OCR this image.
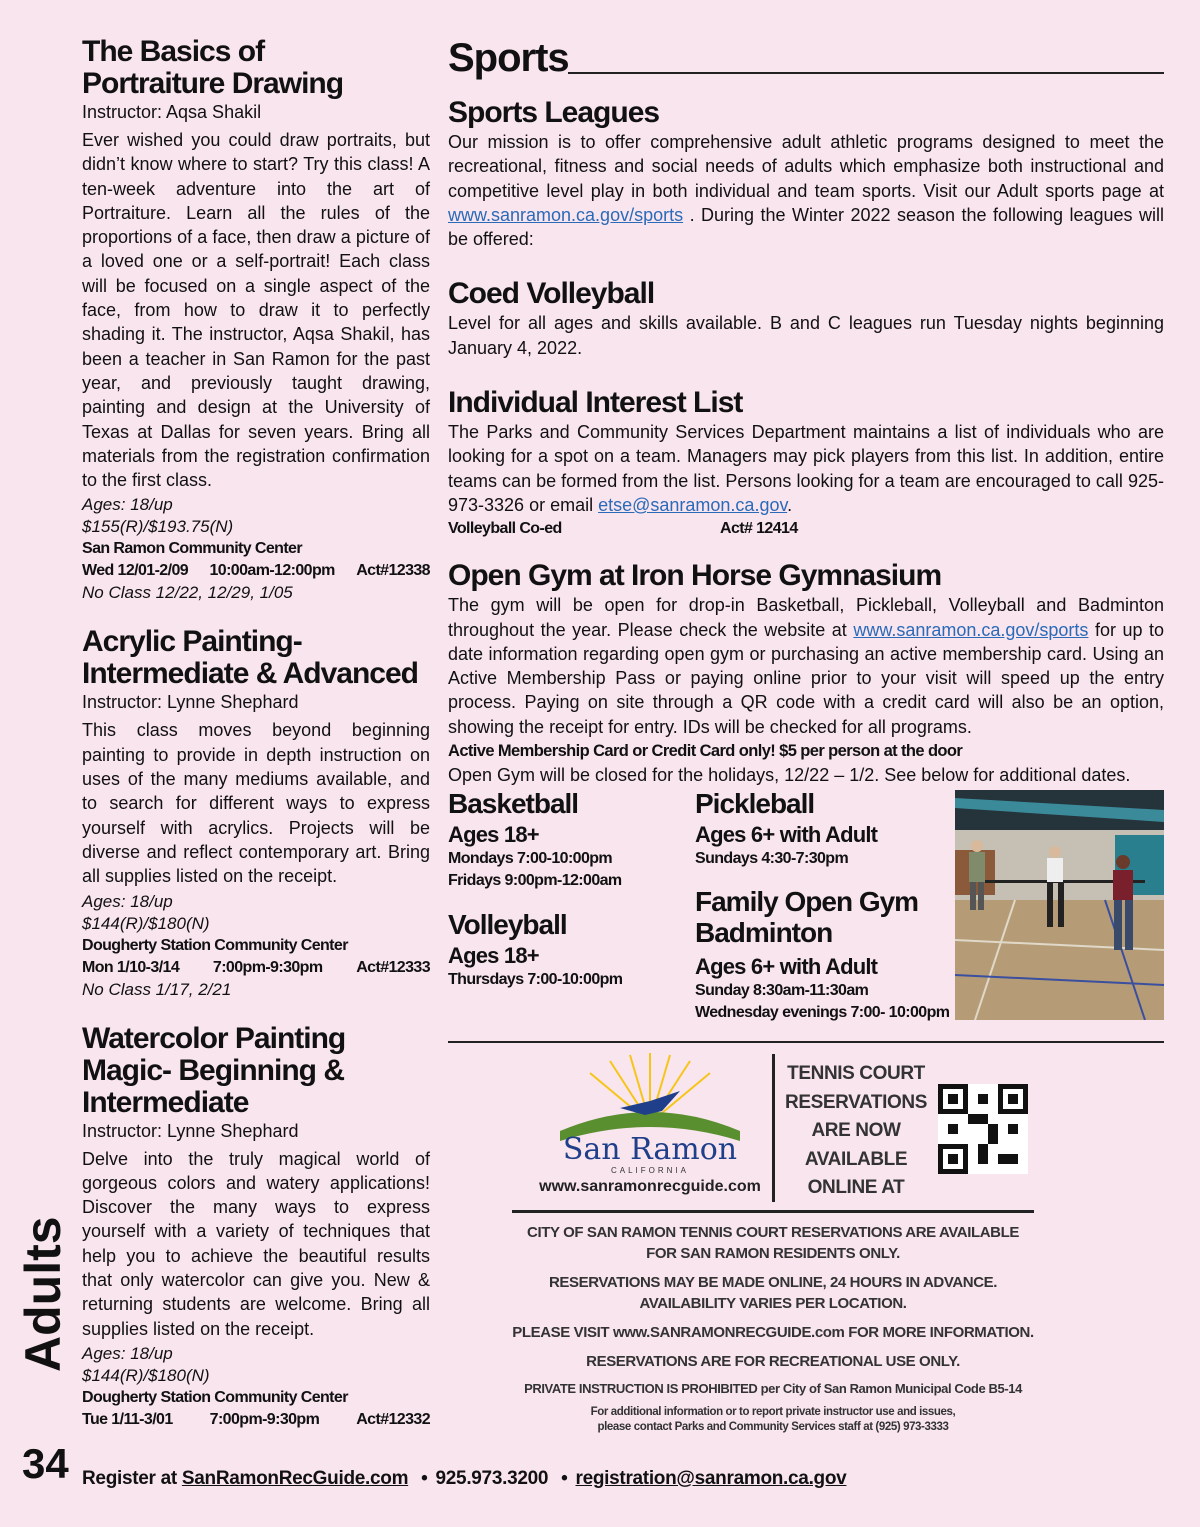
The Basics of
Portraiture Drawing

Instructor: Aqsa Shakil

Ever wished you could draw portraits, but didn’t know where to start? Try this class! A ten-week adventure into the art of Portraiture. Learn all the rules of the proportions of a face, then draw a picture of a loved one or a self-portrait! Each class will be focused on a single aspect of the face, from how to draw it to perfectly shading it. The instructor, Aqsa Shakil, has been a teacher in San Ramon for the past year, and previously taught drawing, painting and design at the University of Texas at Dallas for seven years. Bring all materials from the registration confirmation to the first class.

Ages: 18/up

$155(R)/$193.75(N)

San Ramon Community Center

Wed 12/01-2/09 10:00am-12:00pm Act#12338

No Class 12/22, 12/29, 1/05

Acrylic Painting-
Intermediate & Advanced

Instructor: Lynne Shephard

This class moves beyond beginning painting to provide in depth instruction on uses of the many mediums available, and to search for different ways to express yourself with acrylics. Projects will be diverse and reflect contemporary art. Bring all supplies listed on the receipt.

Ages: 18/up

$144(R)/$180(N)

Dougherty Station Community Center

Mon 1/10-3/14 7:00pm-9:30pm Act#12333

No Class 1/17, 2/21

Watercolor Painting
Magic- Beginning &
Intermediate

Instructor: Lynne Shephard

Delve into the truly magical world of gorgeous colors and watery applications! Discover the many ways to express yourself with a variety of techniques that help you to achieve the beautiful results that only watercolor can give you. New & returning students are welcome. Bring all supplies listed on the receipt.

Ages: 18/up

$144(R)/$180(N)

Dougherty Station Community Center

Tue 1/11-3/01 7:00pm-9:30pm Act#12332

Sports

Sports Leagues

Our mission is to offer comprehensive adult athletic programs designed to meet the recreational, fitness and social needs of adults which emphasize both instructional and competitive level play in both individual and team sports. Visit our Adult sports page at www.sanramon.ca.gov/sports . During the Winter 2022 season the following leagues will be offered:

Coed Volleyball

Level for all ages and skills available. B and C leagues run Tuesday nights beginning January 4, 2022.

Individual Interest List

The Parks and Community Services Department maintains a list of individuals who are looking for a spot on a team. Managers may pick players from this list. In addition, entire teams can be formed from the list. Persons looking for a team are encouraged to call 925-973-3326 or email etse@sanramon.ca.gov.

Volleyball Co-ed	Act# 12414

Open Gym at Iron Horse Gymnasium

The gym will be open for drop-in Basketball, Pickleball, Volleyball and Badminton throughout the year. Please check the website at www.sanramon.ca.gov/sports for up to date information regarding open gym or purchasing an active membership card. Using an Active Membership Pass or paying online prior to your visit will speed up the entry process. Paying on site through a QR code with a credit card will also be an option, showing the receipt for entry. IDs will be checked for all programs.

Active Membership Card or Credit Card only! $5 per person at the door

Open Gym will be closed for the holidays, 12/22 – 1/2. See below for additional dates.

Basketball

Ages 18+

Mondays 7:00-10:00pm

Fridays 9:00pm-12:00am

Volleyball

Ages 18+

Thursdays 7:00-10:00pm

Pickleball

Ages 6+ with Adult

Sundays 4:30-7:30pm

Family Open Gym
Badminton

Ages 6+ with Adult

Sunday 8:30am-11:30am

Wednesday evenings 7:00- 10:00pm

San Ramon

CALIFORNIA

www.sanramonrecguide.com

TENNIS COURT

RESERVATIONS

ARE NOW

AVAILABLE

ONLINE AT

CITY OF SAN RAMON TENNIS COURT RESERVATIONS ARE AVAILABLE

FOR SAN RAMON RESIDENTS ONLY.

RESERVATIONS MAY BE MADE ONLINE, 24 HOURS IN ADVANCE.

AVAILABILITY VARIES PER LOCATION.

PLEASE VISIT www.SANRAMONRECGUIDE.com FOR MORE INFORMATION.

RESERVATIONS ARE FOR RECREATIONAL USE ONLY.

PRIVATE INSTRUCTION IS PROHIBITED per City of San Ramon Municipal Code B5-14

For additional information or to report private instructor use and issues,

please contact Parks and Community Services staff at (925) 973-3333

Adults
34 Register at SanRamonRecGuide.com • 925.973.3200 • registration@sanramon.ca.gov
